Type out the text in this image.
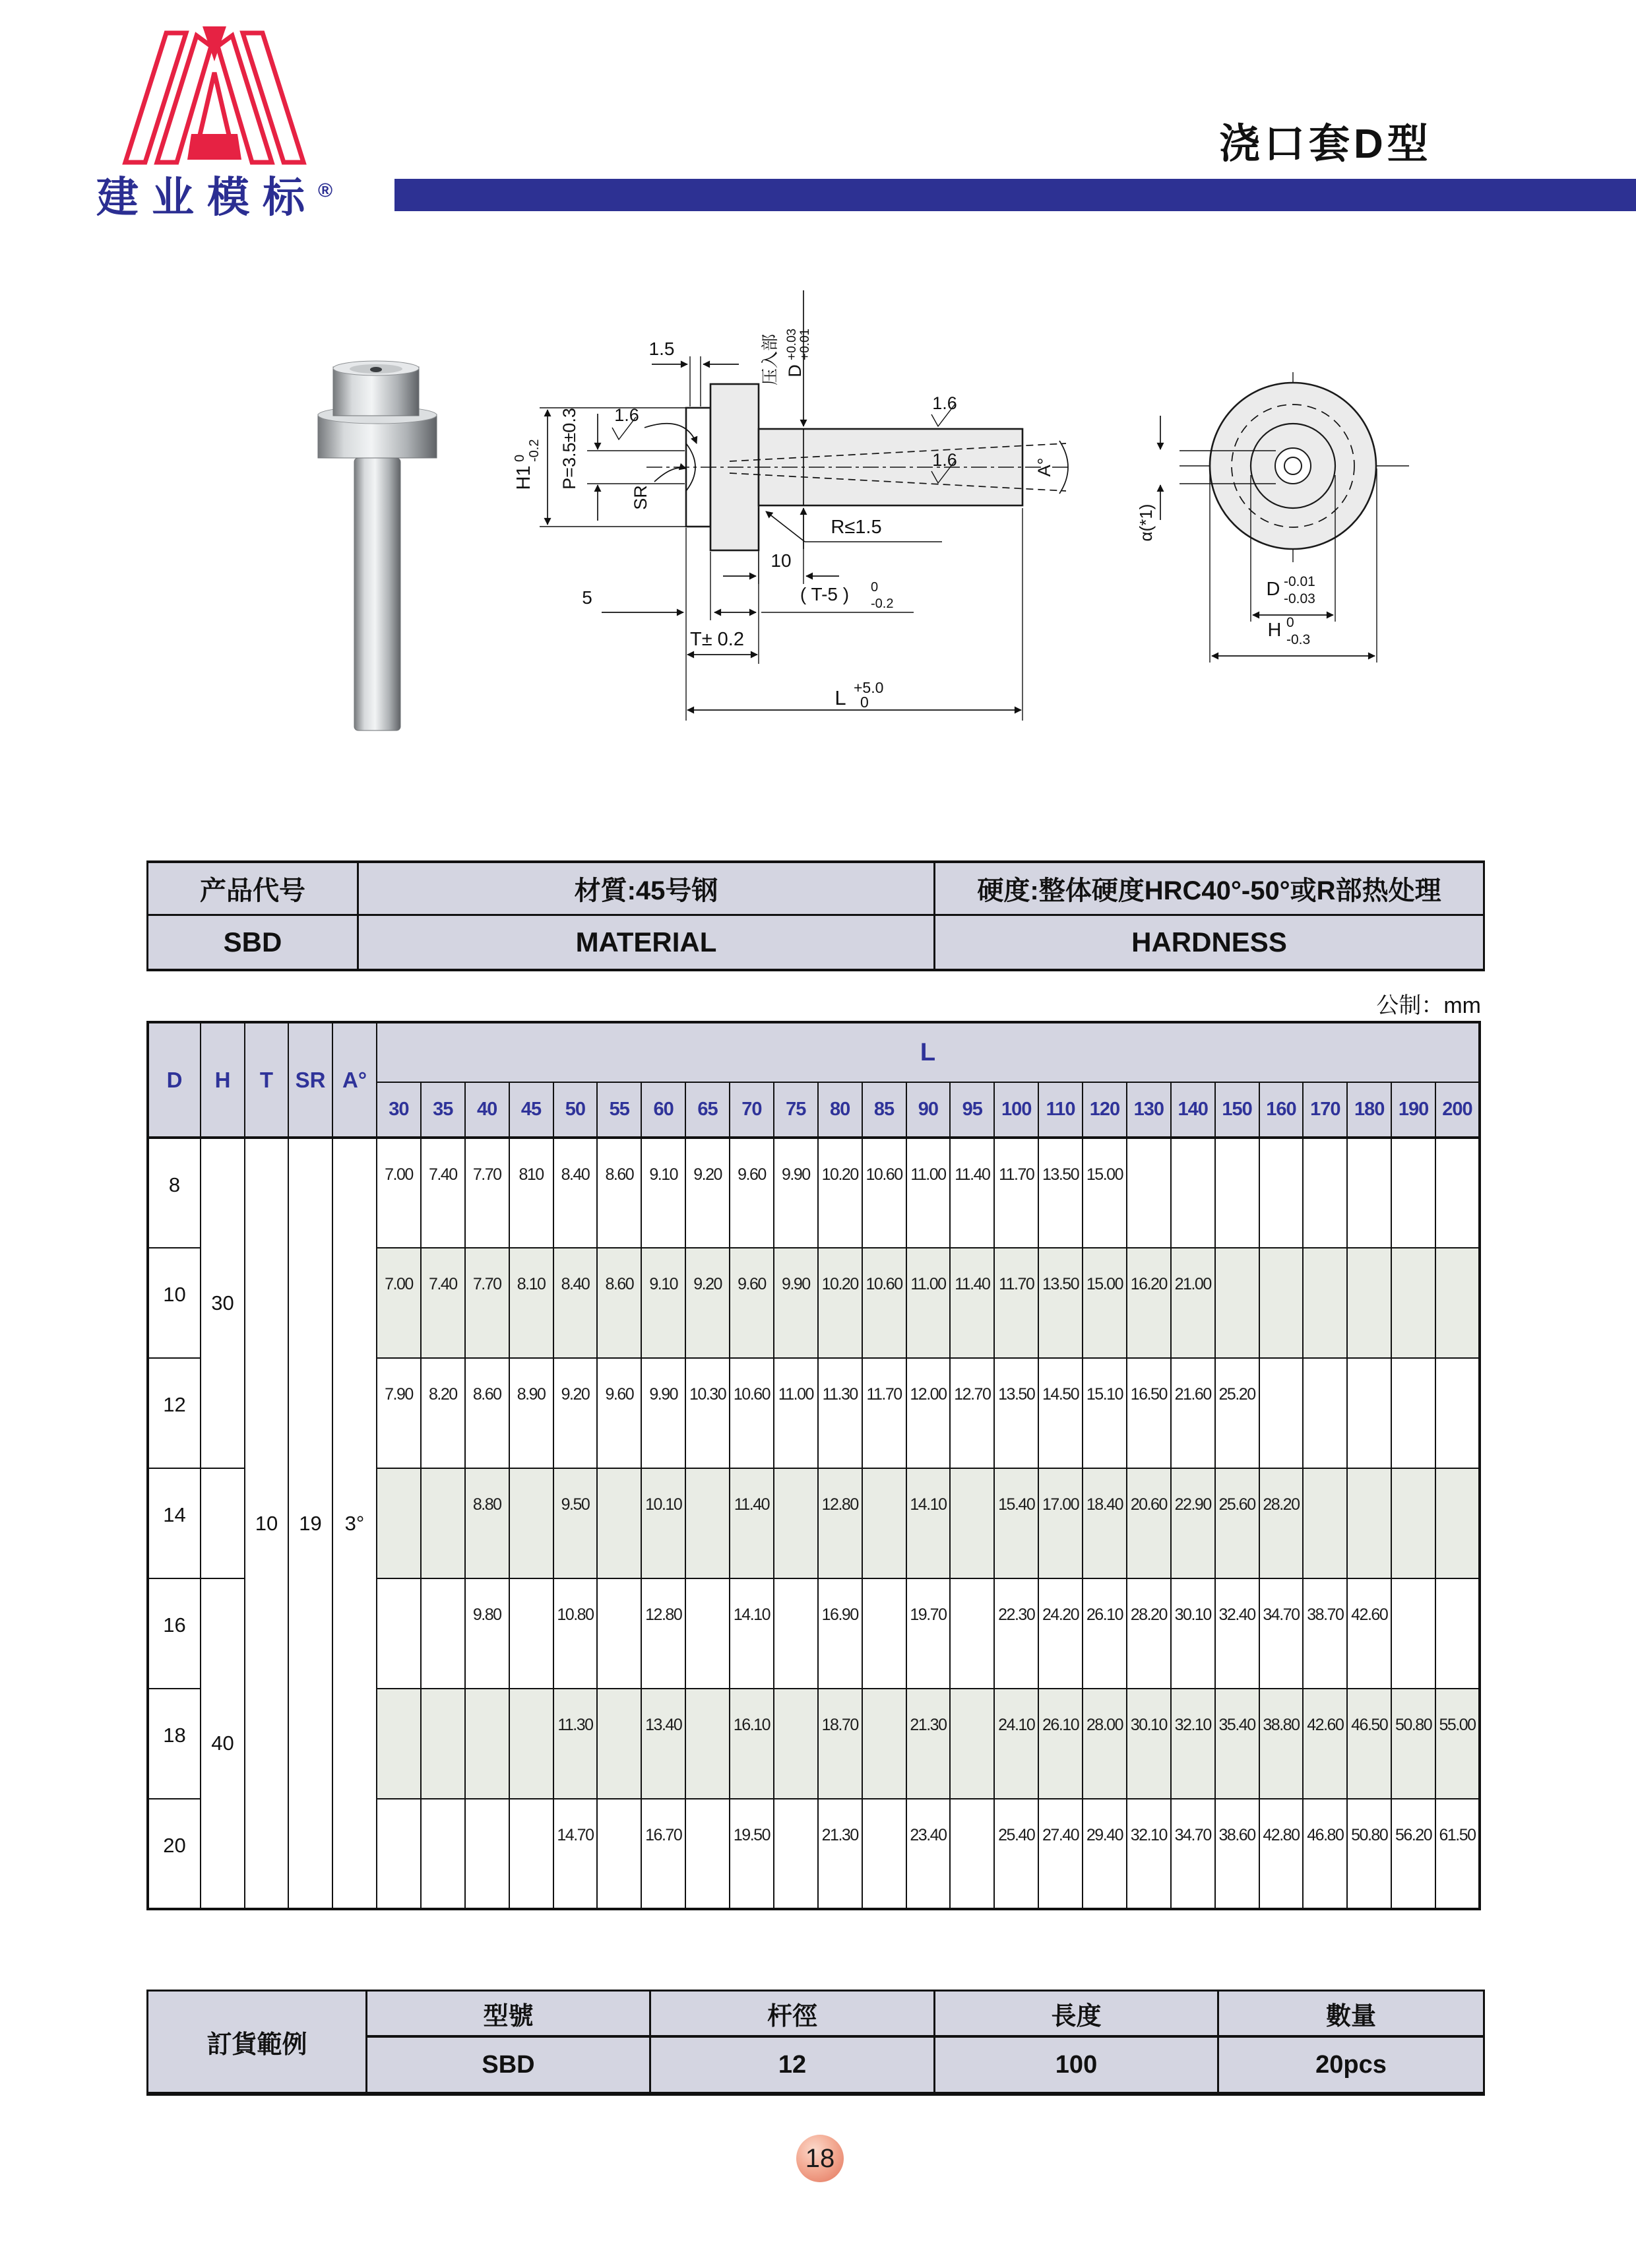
建业模标®
浇口套D型
1.5	压入部 D
+0.03 +0.01
H1
0 -0.2 P=3.5±0.3 1.6
SR
1.6
1.6
R≤1.5
10
5	( T-5 ) 0
-0.2
T± 0.2
L +5.0
0
A°
α(*1)
D -0.01
-0.03
H 0
-0.3
产品代号	材質:45号钢	硬度:整体硬度HRC40°-50°或R部热处理
SBD	MATERIAL	HARDNESS
公制：mm
D	H	T	SR	A°	L																								
					30	35	40	45	50	55	60	65	70	75	80	85	90	95	100	110	120	130	140	150	160	170	180	190	200
8	30	10	19	3°	7.00	7.40	7.70	810	8.40	8.60	9.10	9.20	9.60	9.90	10.20	10.60	11.00	11.40	11.70	13.50	15.00								
10					7.00	7.40	7.70	8.10	8.40	8.60	9.10	9.20	9.60	9.90	10.20	10.60	11.00	11.40	11.70	13.50	15.00	16.20	21.00						
12					7.90	8.20	8.60	8.90	9.20	9.60	9.90	10.30	10.60	11.00	11.30	11.70	12.00	12.70	13.50	14.50	15.10	16.50	21.60	25.20					
14							8.80		9.50		10.10		11.40		12.80		14.10		15.40	17.00	18.40	20.60	22.90	25.60	28.20				
16	40						9.80		10.80		12.80		14.10		16.90		19.70		22.30	24.20	26.10	28.20	30.10	32.40	34.70	38.70	42.60		
18									11.30		13.40		16.10		18.70		21.30		24.10	26.10	28.00	30.10	32.10	35.40	38.80	42.60	46.50	50.80	55.00
20									14.70		16.70		19.50		21.30		23.40		25.40	27.40	29.40	32.10	34.70	38.60	42.80	46.80	50.80	56.20	61.50
訂貨範例
型號	杆徑	長度	數量
SBD	12	100	20pcs
18
